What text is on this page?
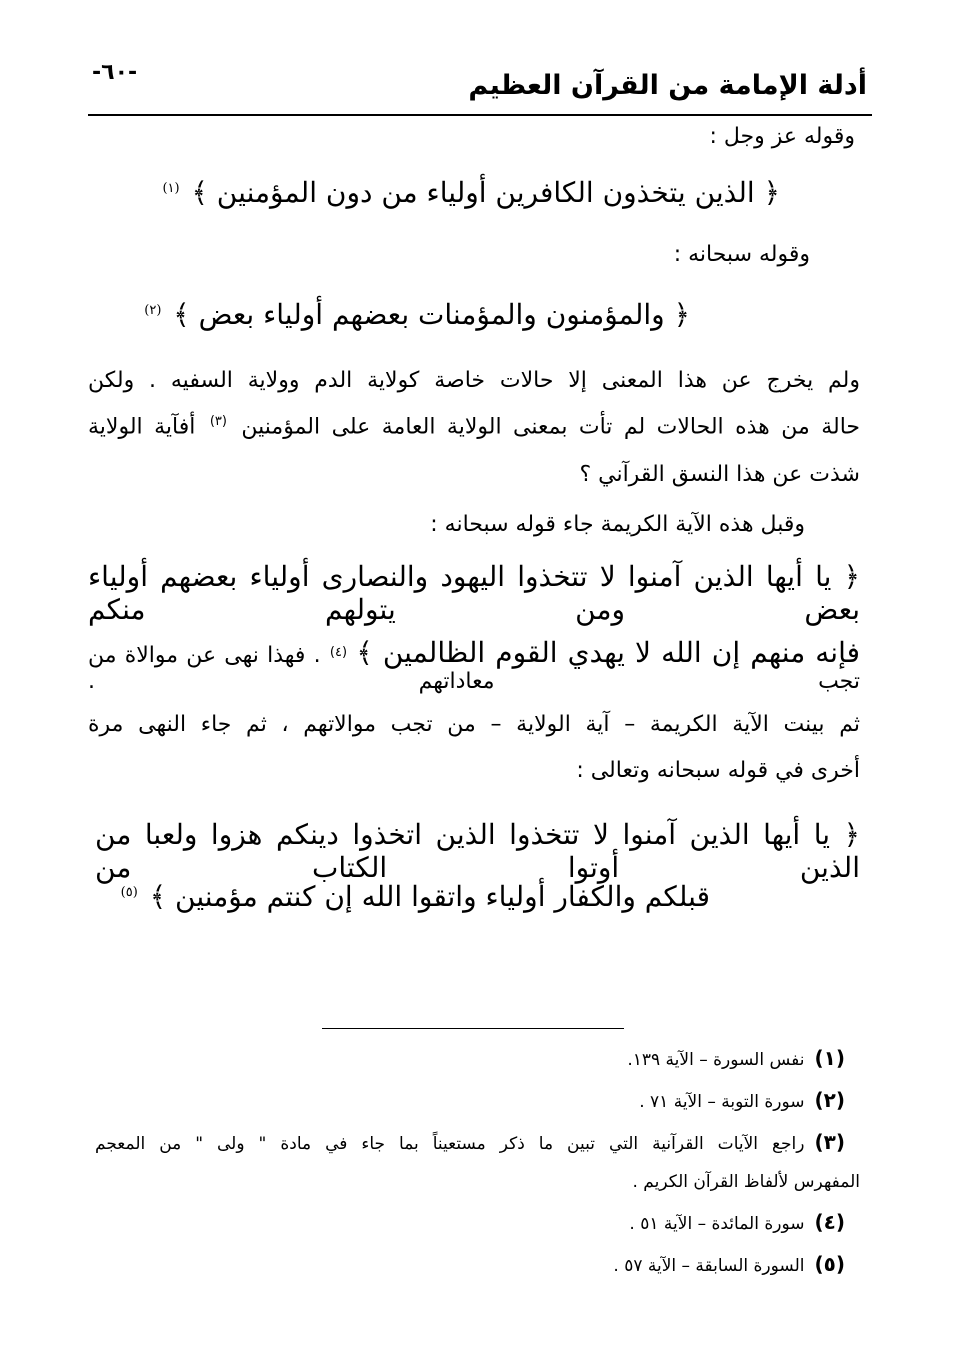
-٦٠-	أدلة الإمامة من القرآن العظيم
وقوله عز وجل :
﴿ الذين يتخذون الكافرين أولياء من دون المؤمنين ﴾ $^{(١)}$
وقوله سبحانه :
﴿ والمؤمنون والمؤمنات بعضهم أولياء بعض ﴾ $^{(٢)}$
ولم يخرج عن هذا المعنى إلا حالات خاصة كولاية الدم وولاية السفيه . ولكن
حالة من هذه الحالات لم تأت بمعنى الولاية العامة على المؤمنين $^{(٣)}$ أفآية الولاية
شذت عن هذا النسق القرآني ؟
وقبل هذه الآية الكريمة جاء قوله سبحانه :
﴿ يا أيها الذين آمنوا لا تتخذوا اليهود والنصارى أولياء بعضهم أولياء بعض ومن يتولهم منكم
فإنه منهم إن الله لا يهدي القوم الظالمين ﴾ $^{(٤)}$ . فهذا نهى عن موالاة من تجب معاداتهم .
ثم بينت الآية الكريمة – آية الولاية – من تجب موالاتهم ، ثم جاء النهى مرة
أخرى في قوله سبحانه وتعالى :
﴿ يا أيها الذين آمنوا لا تتخذوا الذين اتخذوا دينكم هزوا ولعبا من الذين أوتوا الكتاب من
قبلكم والكفار أولياء واتقوا الله إن كنتم مؤمنين ﴾ $^{(٥)}$
(١)نفس السورة – الآية ١٣٩.
(٢)سورة التوبة – الآية ٧١ .
(٣)راجع الآيات القرآنية التي تبين ما ذكر مستعيناً بما جاء في مادة " ولى " من المعجم
المفهرس لألفاظ القرآن الكريم .
(٤)سورة المائدة – الآية ٥١ .
(٥)السورة السابقة – الآية ٥٧ .
